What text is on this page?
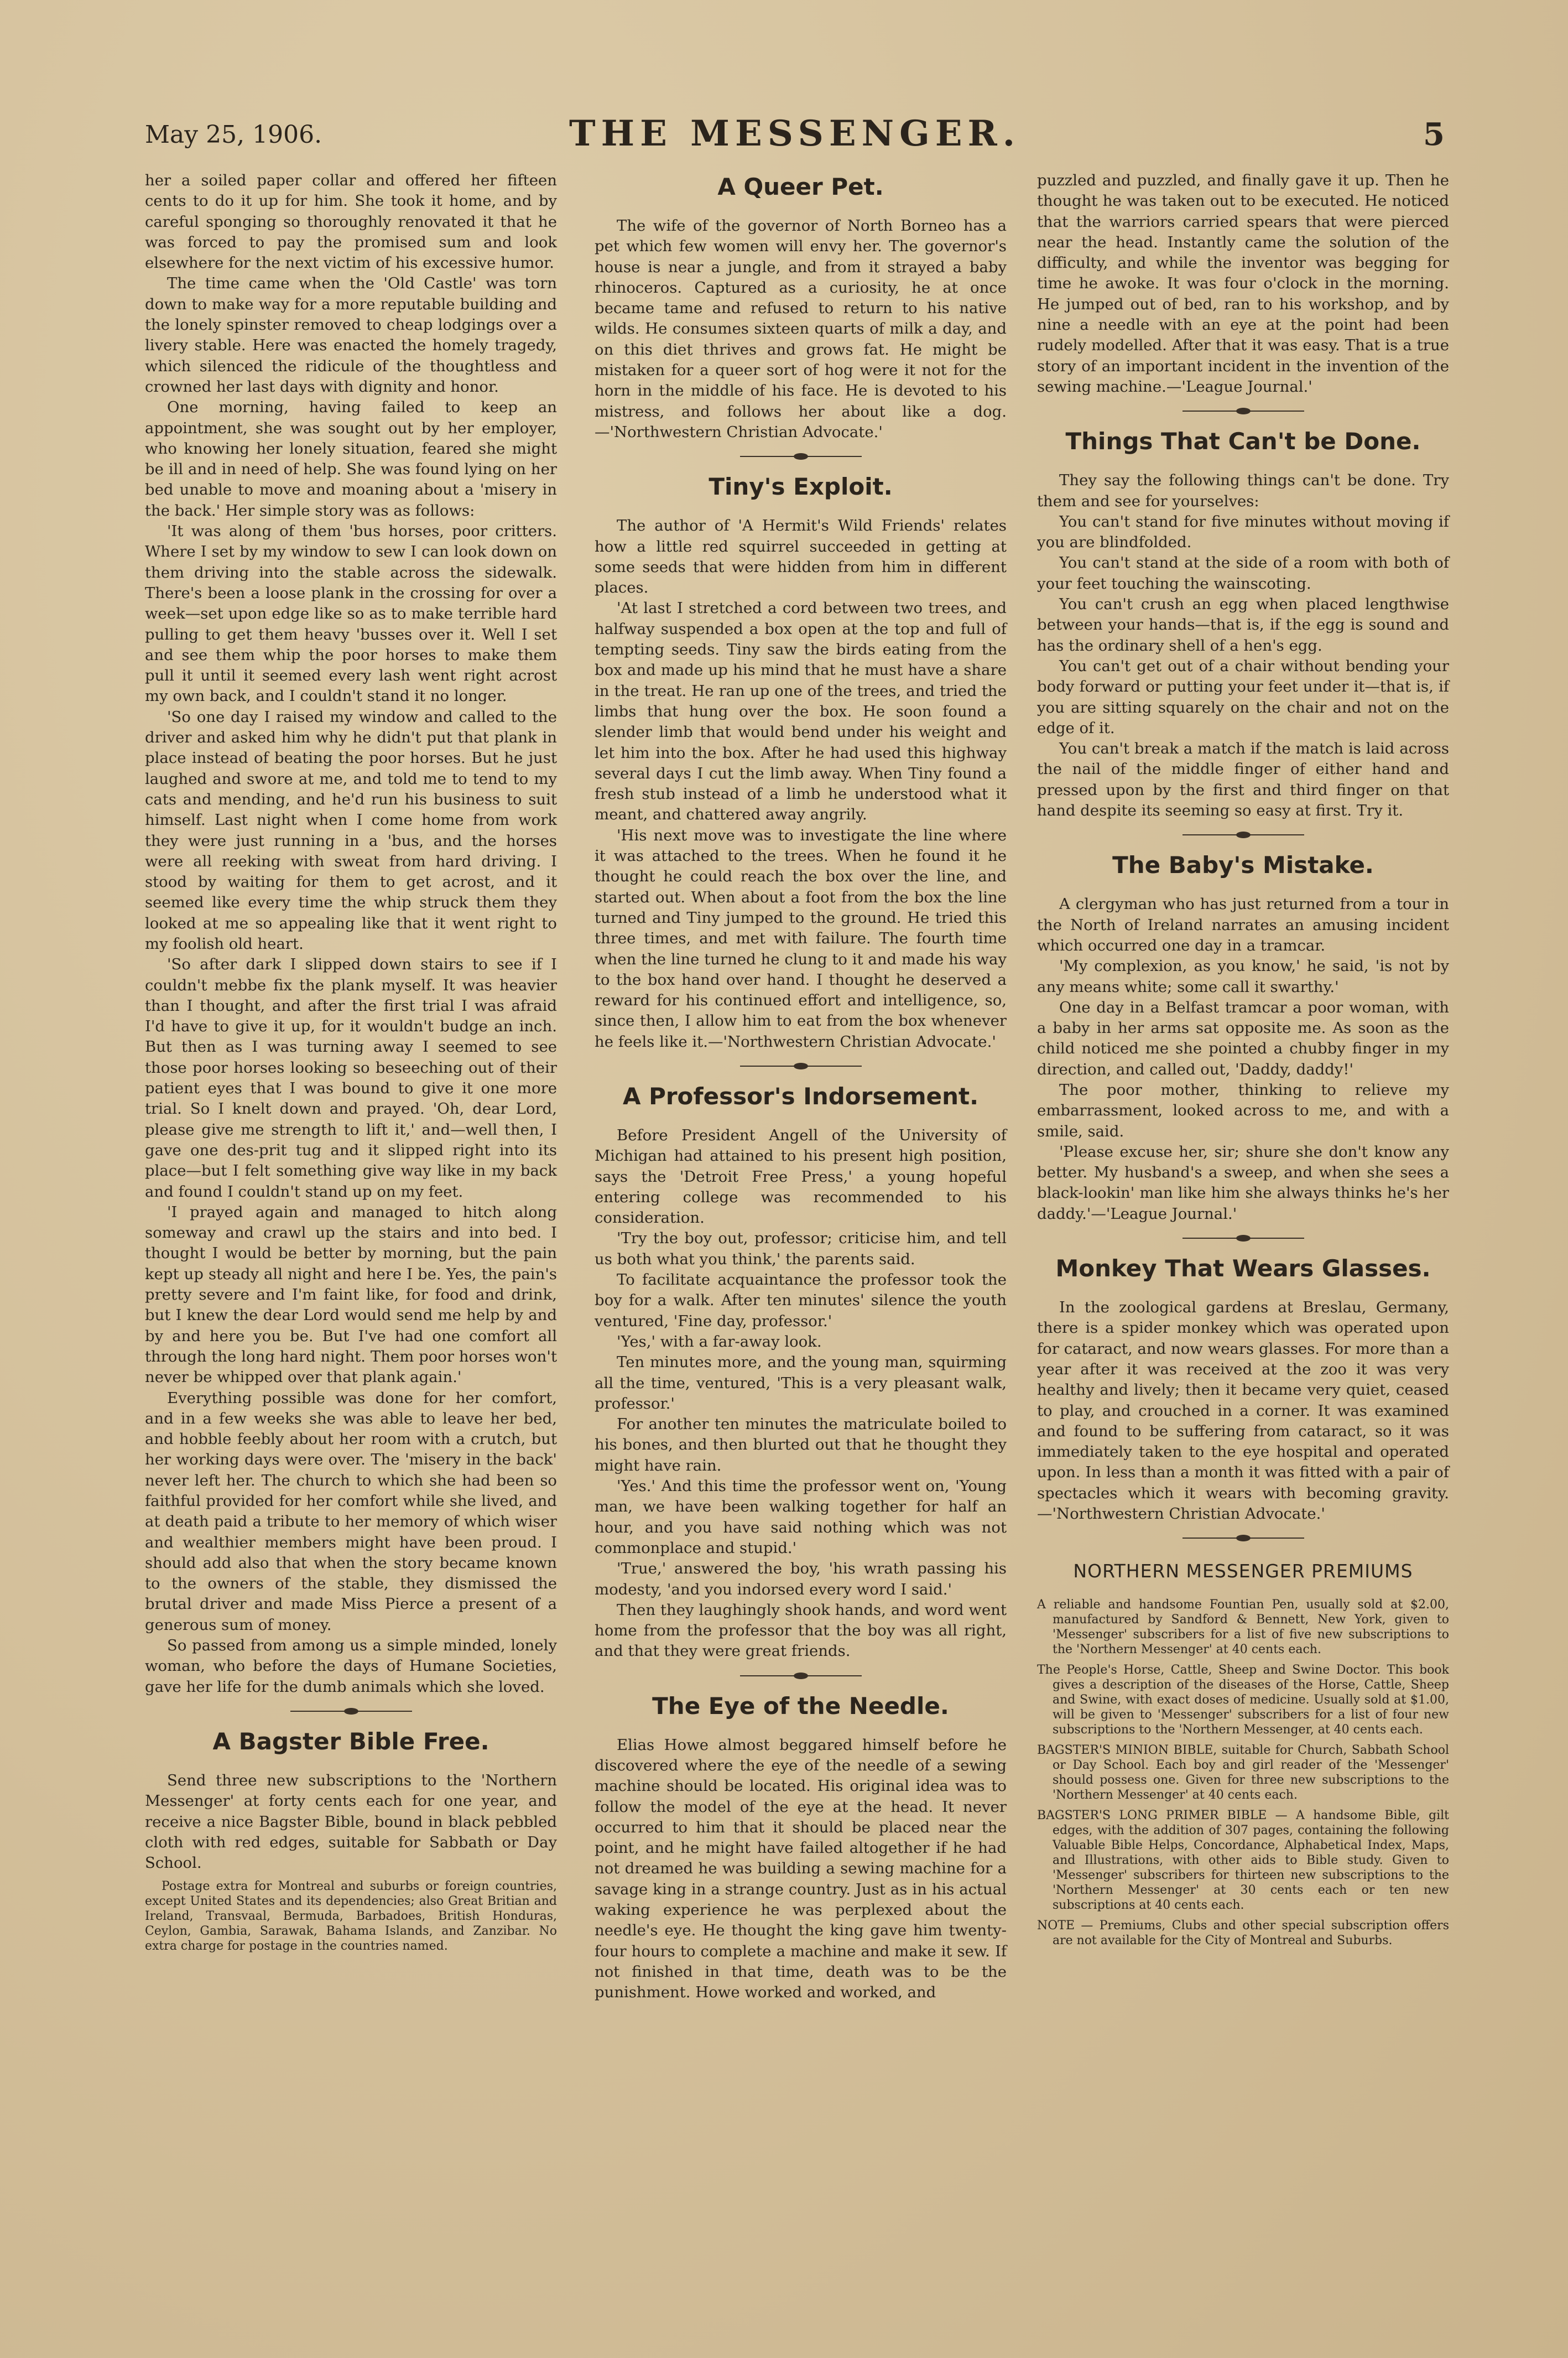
May 25, 1906.	THE MESSENGER.	5

her a soiled paper collar and offered her fifteen cents to do it up for him. She took it home, and by careful sponging so thoroughly renovated it that he was forced to pay the promised sum and look elsewhere for the next victim of his excessive humor.

The time came when the 'Old Castle' was torn down to make way for a more reputable building and the lonely spinster removed to cheap lodgings over a livery stable. Here was enacted the homely tragedy, which silenced the ridicule of the thoughtless and crowned her last days with dignity and honor.

One morning, having failed to keep an appointment, she was sought out by her employer, who knowing her lonely situation, feared she might be ill and in need of help. She was found lying on her bed unable to move and moaning about a 'misery in the back.' Her simple story was as follows:

'It was along of them 'bus horses, poor critters. Where I set by my window to sew I can look down on them driving into the stable across the sidewalk. There's been a loose plank in the crossing for over a week—set upon edge like so as to make terrible hard pulling to get them heavy 'busses over it. Well I set and see them whip the poor horses to make them pull it until it seemed every lash went right acrost my own back, and I couldn't stand it no longer.

'So one day I raised my window and called to the driver and asked him why he didn't put that plank in place instead of beating the poor horses. But he just laughed and swore at me, and told me to tend to my cats and mending, and he'd run his business to suit himself. Last night when I come home from work they were just running in a 'bus, and the horses were all reeking with sweat from hard driving. I stood by waiting for them to get acrost, and it seemed like every time the whip struck them they looked at me so appealing like that it went right to my foolish old heart.

'So after dark I slipped down stairs to see if I couldn't mebbe fix the plank myself. It was heavier than I thought, and after the first trial I was afraid I'd have to give it up, for it wouldn't budge an inch. But then as I was turning away I seemed to see those poor horses looking so beseeching out of their patient eyes that I was bound to give it one more trial. So I knelt down and prayed. 'Oh, dear Lord, please give me strength to lift it,' and—well then, I gave one des-prit tug and it slipped right into its place—but I felt something give way like in my back and found I couldn't stand up on my feet.

'I prayed again and managed to hitch along someway and crawl up the stairs and into bed. I thought I would be better by morning, but the pain kept up steady all night and here I be. Yes, the pain's pretty severe and I'm faint like, for food and drink, but I knew the dear Lord would send me help by and by and here you be. But I've had one comfort all through the long hard night. Them poor horses won't never be whipped over that plank again.'

Everything possible was done for her comfort, and in a few weeks she was able to leave her bed, and hobble feebly about her room with a crutch, but her working days were over. The 'misery in the back' never left her. The church to which she had been so faithful provided for her comfort while she lived, and at death paid a tribute to her memory of which wiser and wealthier members might have been proud. I should add also that when the story became known to the owners of the stable, they dismissed the brutal driver and made Miss Pierce a present of a generous sum of money.

So passed from among us a simple minded, lonely woman, who before the days of Humane Societies, gave her life for the dumb animals which she loved.

A Bagster Bible Free.

Send three new subscriptions to the 'Northern Messenger' at forty cents each for one year, and receive a nice Bagster Bible, bound in black pebbled cloth with red edges, suitable for Sabbath or Day School.

Postage extra for Montreal and suburbs or foreign countries, except United States and its dependencies; also Great Britian and Ireland, Transvaal, Bermuda, Barbadoes, British Honduras, Ceylon, Gambia, Sarawak, Bahama Islands, and Zanzibar. No extra charge for postage in the countries named.

A Queer Pet.

The wife of the governor of North Borneo has a pet which few women will envy her. The governor's house is near a jungle, and from it strayed a baby rhinoceros. Captured as a curiosity, he at once became tame and refused to return to his native wilds. He consumes sixteen quarts of milk a day, and on this diet thrives and grows fat. He might be mistaken for a queer sort of hog were it not for the horn in the middle of his face. He is devoted to his mistress, and follows her about like a dog.—'Northwestern Christian Advocate.'

Tiny's Exploit.

The author of 'A Hermit's Wild Friends' relates how a little red squirrel succeeded in getting at some seeds that were hidden from him in different places.

'At last I stretched a cord between two trees, and halfway suspended a box open at the top and full of tempting seeds. Tiny saw the birds eating from the box and made up his mind that he must have a share in the treat. He ran up one of the trees, and tried the limbs that hung over the box. He soon found a slender limb that would bend under his weight and let him into the box. After he had used this highway several days I cut the limb away. When Tiny found a fresh stub instead of a limb he understood what it meant, and chattered away angrily.

'His next move was to investigate the line where it was attached to the trees. When he found it he thought he could reach the box over the line, and started out. When about a foot from the box the line turned and Tiny jumped to the ground. He tried this three times, and met with failure. The fourth time when the line turned he clung to it and made his way to the box hand over hand. I thought he deserved a reward for his continued effort and intelligence, so, since then, I allow him to eat from the box whenever he feels like it.—'Northwestern Christian Advocate.'

A Professor's Indorsement.

Before President Angell of the University of Michigan had attained to his present high position, says the 'Detroit Free Press,' a young hopeful entering college was recommended to his consideration.

'Try the boy out, professor; criticise him, and tell us both what you think,' the parents said.

To facilitate acquaintance the professor took the boy for a walk. After ten minutes' silence the youth ventured, 'Fine day, professor.'

'Yes,' with a far-away look.

Ten minutes more, and the young man, squirming all the time, ventured, 'This is a very pleasant walk, professor.'

For another ten minutes the matriculate boiled to his bones, and then blurted out that he thought they might have rain.

'Yes.' And this time the professor went on, 'Young man, we have been walking together for half an hour, and you have said nothing which was not commonplace and stupid.'

'True,' answered the boy, 'his wrath passing his modesty, 'and you indorsed every word I said.'

Then they laughingly shook hands, and word went home from the professor that the boy was all right, and that they were great friends.

The Eye of the Needle.

Elias Howe almost beggared himself before he discovered where the eye of the needle of a sewing machine should be located. His original idea was to follow the model of the eye at the head. It never occurred to him that it should be placed near the point, and he might have failed altogether if he had not dreamed he was building a sewing machine for a savage king in a strange country. Just as in his actual waking experience he was perplexed about the needle's eye. He thought the king gave him twenty-four hours to complete a machine and make it sew. If not finished in that time, death was to be the punishment. Howe worked and worked, and

puzzled and puzzled, and finally gave it up. Then he thought he was taken out to be executed. He noticed that the warriors carried spears that were pierced near the head. Instantly came the solution of the difficulty, and while the inventor was begging for time he awoke. It was four o'clock in the morning. He jumped out of bed, ran to his workshop, and by nine a needle with an eye at the point had been rudely modelled. After that it was easy. That is a true story of an important incident in the invention of the sewing machine.—'League Journal.'

Things That Can't be Done.

They say the following things can't be done. Try them and see for yourselves:

You can't stand for five minutes without moving if you are blindfolded.

You can't stand at the side of a room with both of your feet touching the wainscoting.

You can't crush an egg when placed lengthwise between your hands—that is, if the egg is sound and has the ordinary shell of a hen's egg.

You can't get out of a chair without bending your body forward or putting your feet under it—that is, if you are sitting squarely on the chair and not on the edge of it.

You can't break a match if the match is laid across the nail of the middle finger of either hand and pressed upon by the first and third finger on that hand despite its seeming so easy at first. Try it.

The Baby's Mistake.

A clergyman who has just returned from a tour in the North of Ireland narrates an amusing incident which occurred one day in a tramcar.

'My complexion, as you know,' he said, 'is not by any means white; some call it swarthy.'

One day in a Belfast tramcar a poor woman, with a baby in her arms sat opposite me. As soon as the child noticed me she pointed a chubby finger in my direction, and called out, 'Daddy, daddy!'

The poor mother, thinking to relieve my embarrassment, looked across to me, and with a smile, said.

'Please excuse her, sir; shure she don't know any better. My husband's a sweep, and when she sees a black-lookin' man like him she always thinks he's her daddy.'—'League Journal.'

Monkey That Wears Glasses.

In the zoological gardens at Breslau, Germany, there is a spider monkey which was operated upon for cataract, and now wears glasses. For more than a year after it was received at the zoo it was very healthy and lively; then it became very quiet, ceased to play, and crouched in a corner. It was examined and found to be suffering from cataract, so it was immediately taken to the eye hospital and operated upon. In less than a month it was fitted with a pair of spectacles which it wears with becoming gravity.—'Northwestern Christian Advocate.'

NORTHERN MESSENGER PREMIUMS

A reliable and handsome Fountian Pen, usually sold at $2.00, manufactured by Sandford & Bennett, New York, given to 'Messenger' subscribers for a list of five new subscriptions to the 'Northern Messenger' at 40 cents each.

The People's Horse, Cattle, Sheep and Swine Doctor. This book gives a description of the diseases of the Horse, Cattle, Sheep and Swine, with exact doses of medicine. Usually sold at $1.00, will be given to 'Messenger' subscribers for a list of four new subscriptions to the 'Northern Messenger, at 40 cents each.

BAGSTER'S MINION BIBLE, suitable for Church, Sabbath School or Day School. Each boy and girl reader of the 'Messenger' should possess one. Given for three new subscriptions to the 'Northern Messenger' at 40 cents each.

BAGSTER'S LONG PRIMER BIBLE — A handsome Bible, gilt edges, with the addition of 307 pages, containing the following Valuable Bible Helps, Concordance, Alphabetical Index, Maps, and Illustrations, with other aids to Bible study. Given to 'Messenger' subscribers for thirteen new subscriptions to the 'Northern Messenger' at 30 cents each or ten new subscriptions at 40 cents each.

NOTE — Premiums, Clubs and other special subscription offers are not available for the City of Montreal and Suburbs.
